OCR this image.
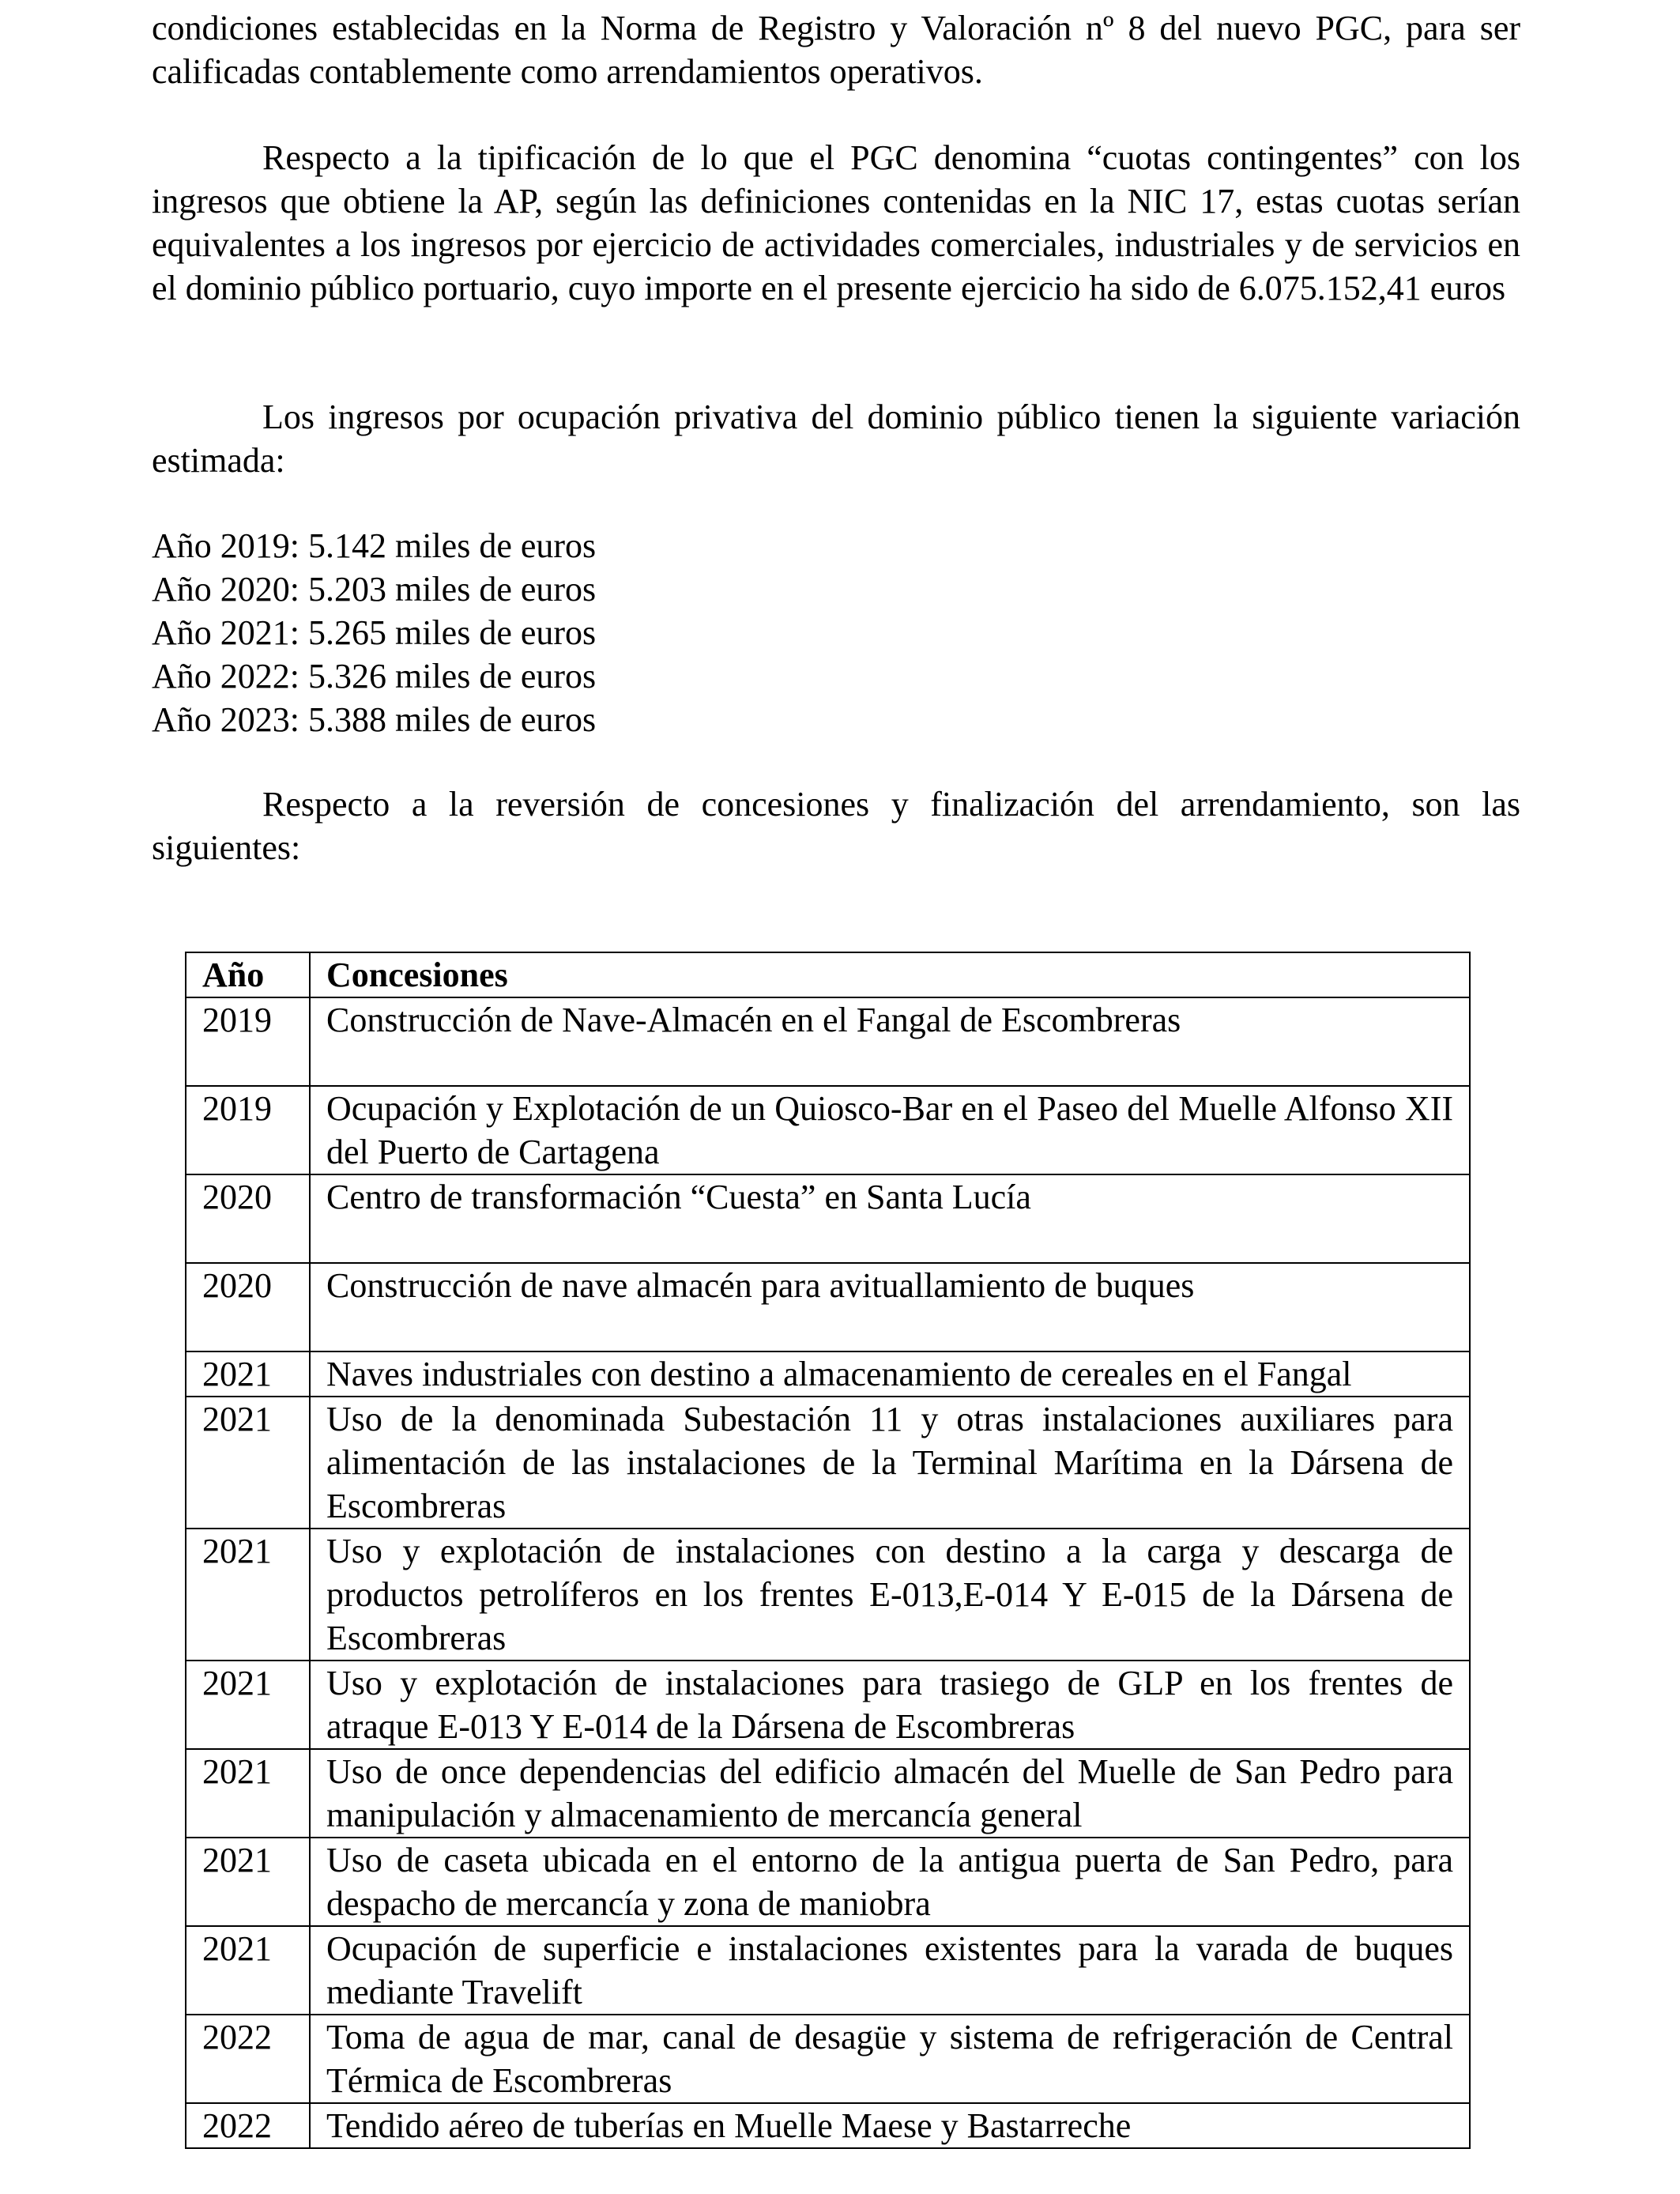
condiciones establecidas en la Norma de Registro y Valoración nº 8 del nuevo PGC, para ser calificadas contablemente como arrendamientos operativos.

Respecto a la tipificación de lo que el PGC denomina “cuotas contingentes” con los ingresos que obtiene la AP, según las definiciones contenidas en la NIC 17, estas cuotas serían equivalentes a los ingresos por ejercicio de actividades comerciales, industriales y de servicios en el dominio público portuario, cuyo importe en el presente ejercicio ha sido de 6.075.152,41 euros

Los ingresos por ocupación privativa del dominio público tienen la siguiente variación estimada:

Año 2019: 5.142 miles de euros
Año 2020: 5.203 miles de euros
Año 2021: 5.265 miles de euros
Año 2022: 5.326 miles de euros
Año 2023: 5.388 miles de euros

Respecto a la reversión de concesiones y finalización del arrendamiento, son las siguientes:

Año	Concesiones
2019	Construcción de Nave-Almacén en el Fangal de Escombreras
2019	Ocupación y Explotación de un Quiosco-Bar en el Paseo del Muelle Alfonso XII del Puerto de Cartagena
2020	Centro de transformación “Cuesta” en Santa Lucía
2020	Construcción de nave almacén para avituallamiento de buques
2021	Naves industriales con destino a almacenamiento de cereales en el Fangal
2021	Uso de la denominada Subestación 11 y otras instalaciones auxiliares para alimentación de las instalaciones de la Terminal Marítima en la Dársena de Escombreras
2021	Uso y explotación de instalaciones con destino a la carga y descarga de productos petrolíferos en los frentes E-013,E-014 Y E-015 de la Dársena de Escombreras
2021	Uso y explotación de instalaciones para trasiego de GLP en los frentes de atraque E-013 Y E-014 de la Dársena de Escombreras
2021	Uso de once dependencias del edificio almacén del Muelle de San Pedro para manipulación y almacenamiento de mercancía general
2021	Uso de caseta ubicada en el entorno de la antigua puerta de San Pedro, para despacho de mercancía y zona de maniobra
2021	Ocupación de superficie e instalaciones existentes para la varada de buques mediante Travelift
2022	Toma de agua de mar, canal de desagüe y sistema de refrigeración de Central Térmica de Escombreras
2022	Tendido aéreo de tuberías en Muelle Maese y Bastarreche
